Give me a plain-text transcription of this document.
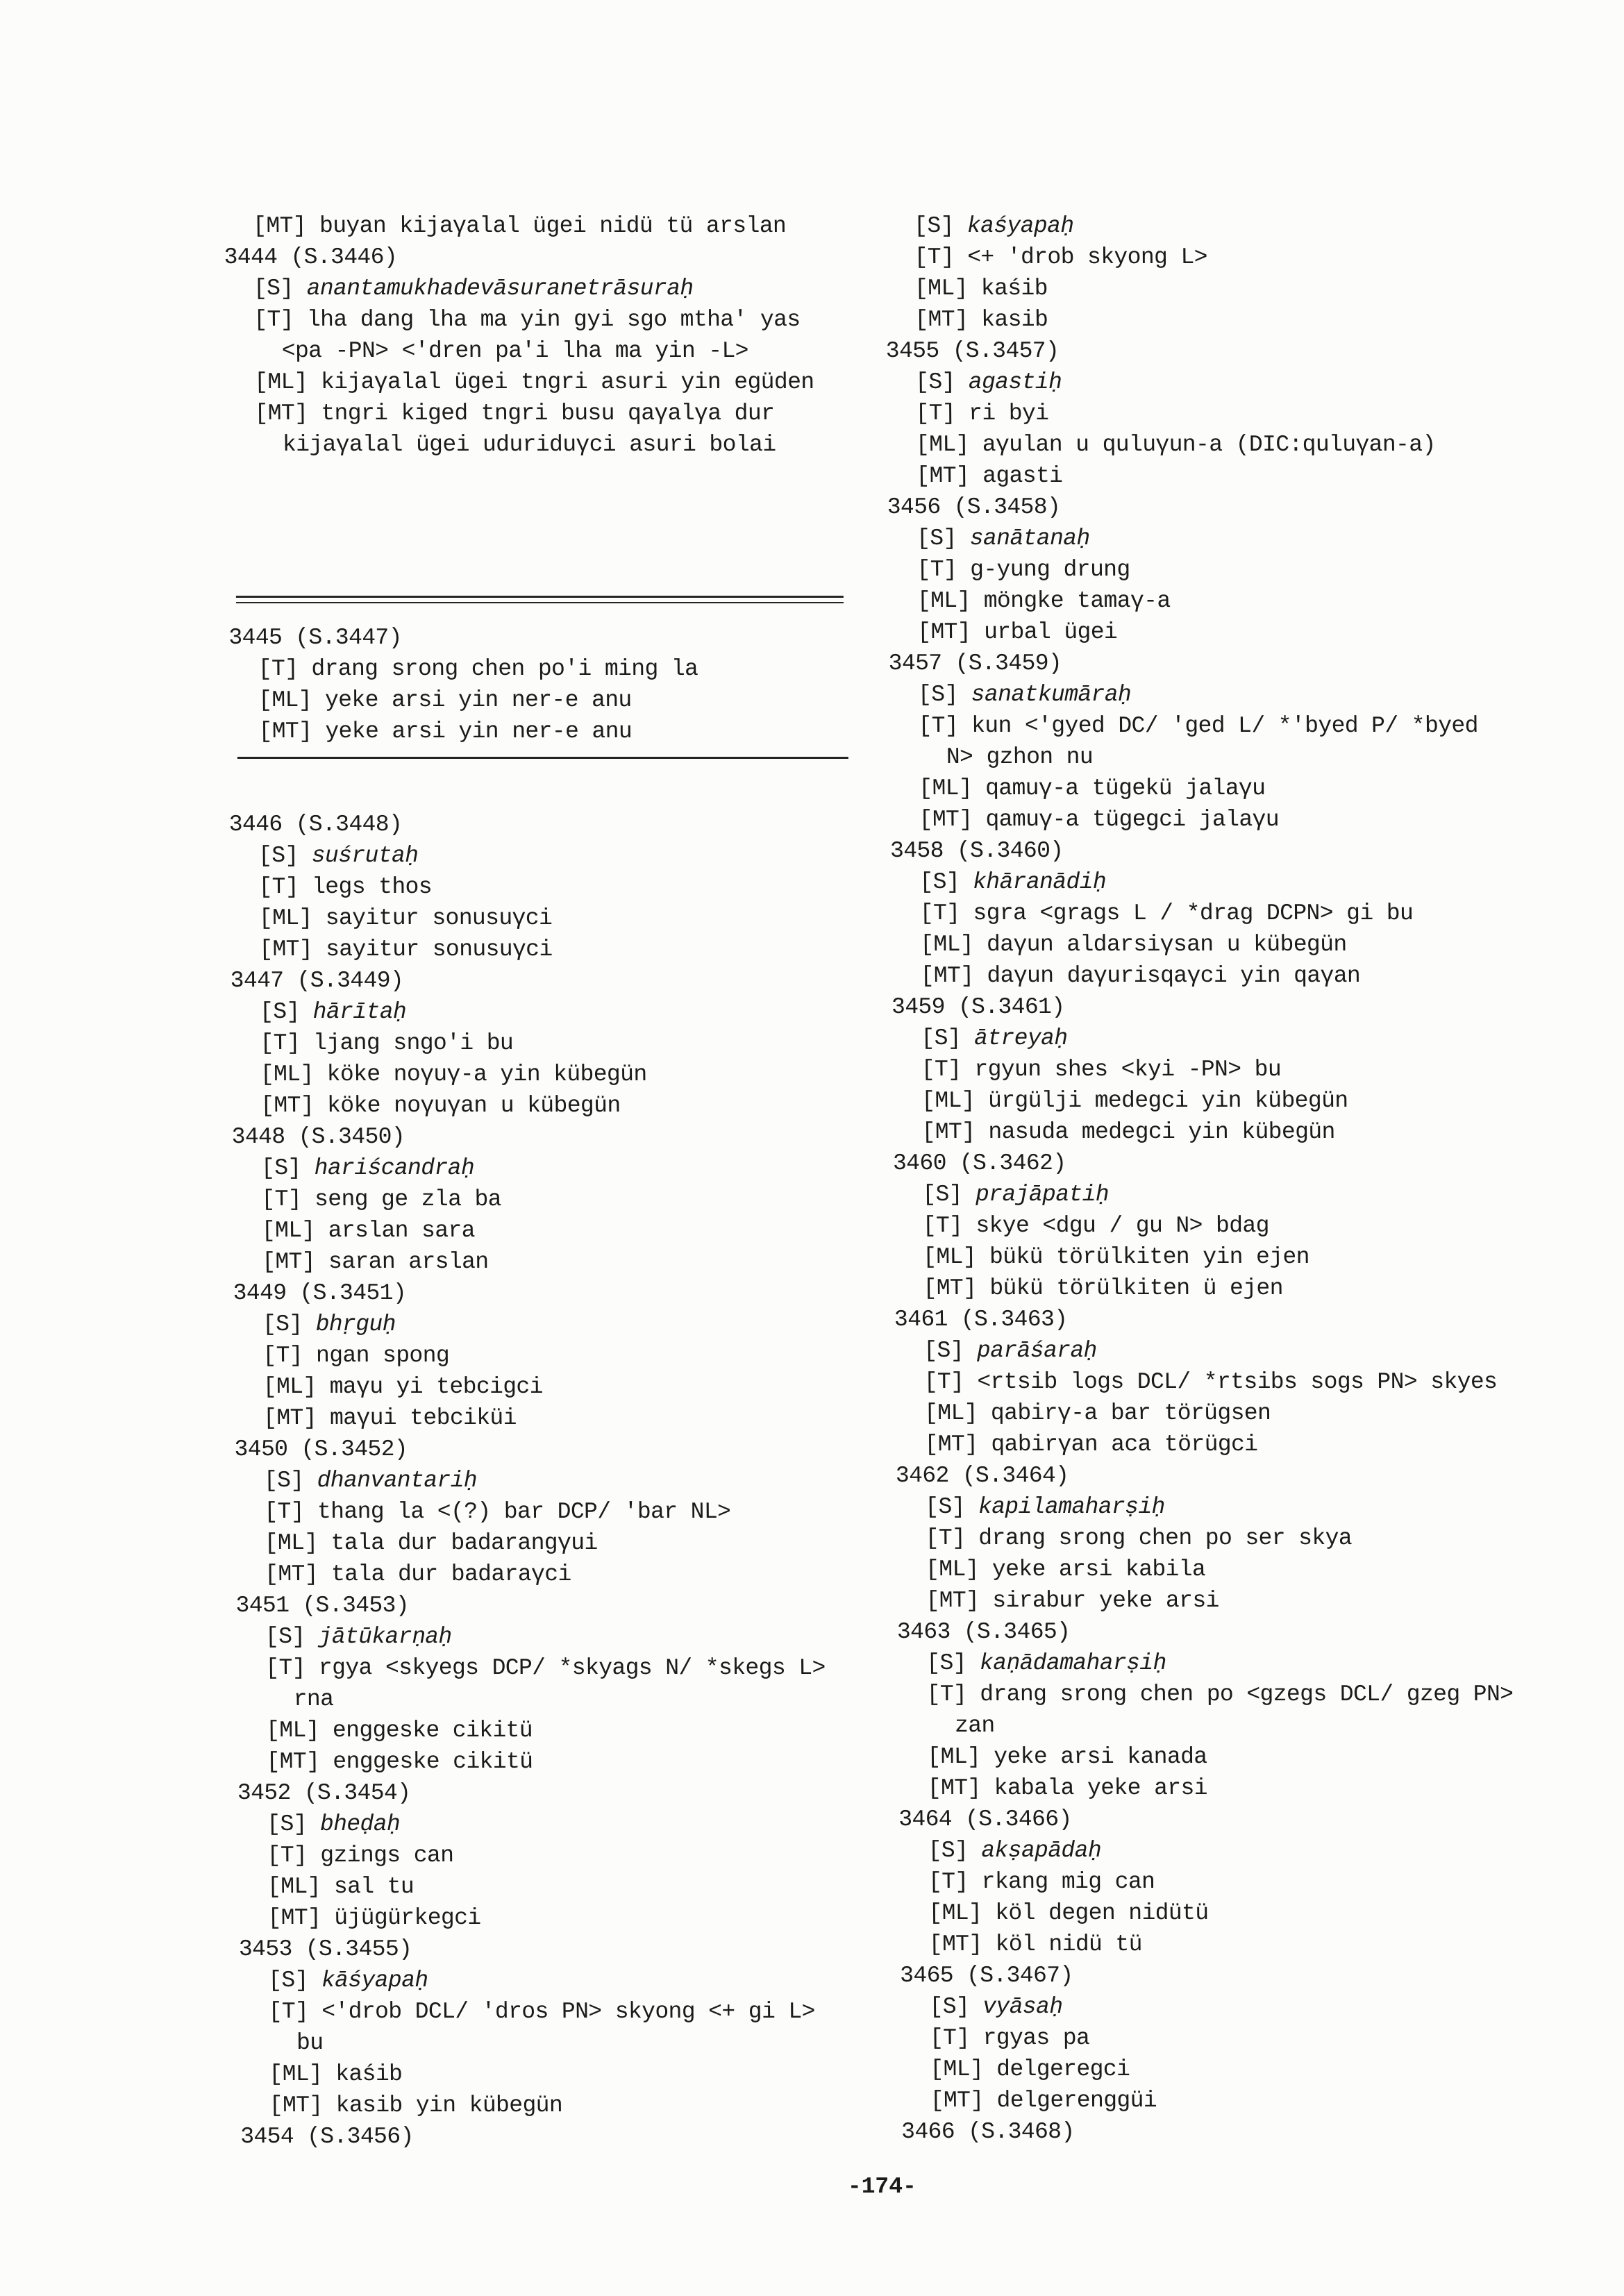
[MT] buyan kijaγalal ügei nidü tü arslan
3444 (S.3446)
[S] anantamukhadevāsuranetrāsuraḥ
[T] lha dang lha ma yin gyi sgo mtha' yas
<pa -PN> <'dren pa'i lha ma yin -L>
[ML] kijaγalal ügei tngri asuri yin egüden
[MT] tngri kiged tngri busu qaγalγa dur
kijaγalal ügei uduriduγci asuri bolai
3445 (S.3447)
[T] drang srong chen po'i ming la
[ML] yeke arsi yin ner-e anu
[MT] yeke arsi yin ner-e anu
3446 (S.3448)
[S] suśrutaḥ
[T] legs thos
[ML] sayitur sonusuγci
[MT] sayitur sonusuγci
3447 (S.3449)
[S] hārītaḥ
[T] ljang sngo'i bu
[ML] köke noγuγ-a yin kübegün
[MT] köke noγuγan u kübegün
3448 (S.3450)
[S] hariścandraḥ
[T] seng ge zla ba
[ML] arslan sara
[MT] saran arslan
3449 (S.3451)
[S] bhṛguḥ
[T] ngan spong
[ML] maγu yi tebcigci
[MT] maγui tebciküi
3450 (S.3452)
[S] dhanvantariḥ
[T] thang la <(?) bar DCP/ 'bar NL>
[ML] tala dur badarangγui
[MT] tala dur badaraγci
3451 (S.3453)
[S] jātūkarṇaḥ
[T] rgya <skyegs DCP/ *skyags N/ *skegs L>
rna
[ML] enggeske cikitü
[MT] enggeske cikitü
3452 (S.3454)
[S] bheḍaḥ
[T] gzings can
[ML] sal tu
[MT] üjügürkegci
3453 (S.3455)
[S] kāśyapaḥ
[T] <'drob DCL/ 'dros PN> skyong <+ gi L>
bu
[ML] kaśib
[MT] kasib yin kübegün
3454 (S.3456)
[S] kaśyapaḥ
[T] <+ 'drob skyong L>
[ML] kaśib
[MT] kasib
3455 (S.3457)
[S] agastiḥ
[T] ri byi
[ML] aγulan u quluγun-a (DIC:quluγan-a)
[MT] agasti
3456 (S.3458)
[S] sanātanaḥ
[T] g-yung drung
[ML] möngke tamaγ-a
[MT] urbal ügei
3457 (S.3459)
[S] sanatkumāraḥ
[T] kun <'gyed DC/ 'ged L/ *'byed P/ *byed
N> gzhon nu
[ML] qamuγ-a tügekü jalaγu
[MT] qamuγ-a tügegci jalaγu
3458 (S.3460)
[S] khāranādiḥ
[T] sgra <grags L / *drag DCPN> gi bu
[ML] daγun aldarsiγsan u kübegün
[MT] daγun daγurisqaγci yin qaγan
3459 (S.3461)
[S] ātreyaḥ
[T] rgyun shes <kyi -PN> bu
[ML] ürgülji medegci yin kübegün
[MT] nasuda medegci yin kübegün
3460 (S.3462)
[S] prajāpatiḥ
[T] skye <dgu / gu N> bdag
[ML] bükü törülkiten yin ejen
[MT] bükü törülkiten ü ejen
3461 (S.3463)
[S] parāśaraḥ
[T] <rtsib logs DCL/ *rtsibs sogs PN> skyes
[ML] qabirγ-a bar törügsen
[MT] qabirγan aca törügci
3462 (S.3464)
[S] kapilamaharṣiḥ
[T] drang srong chen po ser skya
[ML] yeke arsi kabila
[MT] sirabur yeke arsi
3463 (S.3465)
[S] kaṇādamaharṣiḥ
[T] drang srong chen po <gzegs DCL/ gzeg PN>
zan
[ML] yeke arsi kanada
[MT] kabala yeke arsi
3464 (S.3466)
[S] akṣapādaḥ
[T] rkang mig can
[ML] köl degen nidütü
[MT] köl nidü tü
3465 (S.3467)
[S] vyāsaḥ
[T] rgyas pa
[ML] delgeregci
[MT] delgerenggüi
3466 (S.3468)
-174-
